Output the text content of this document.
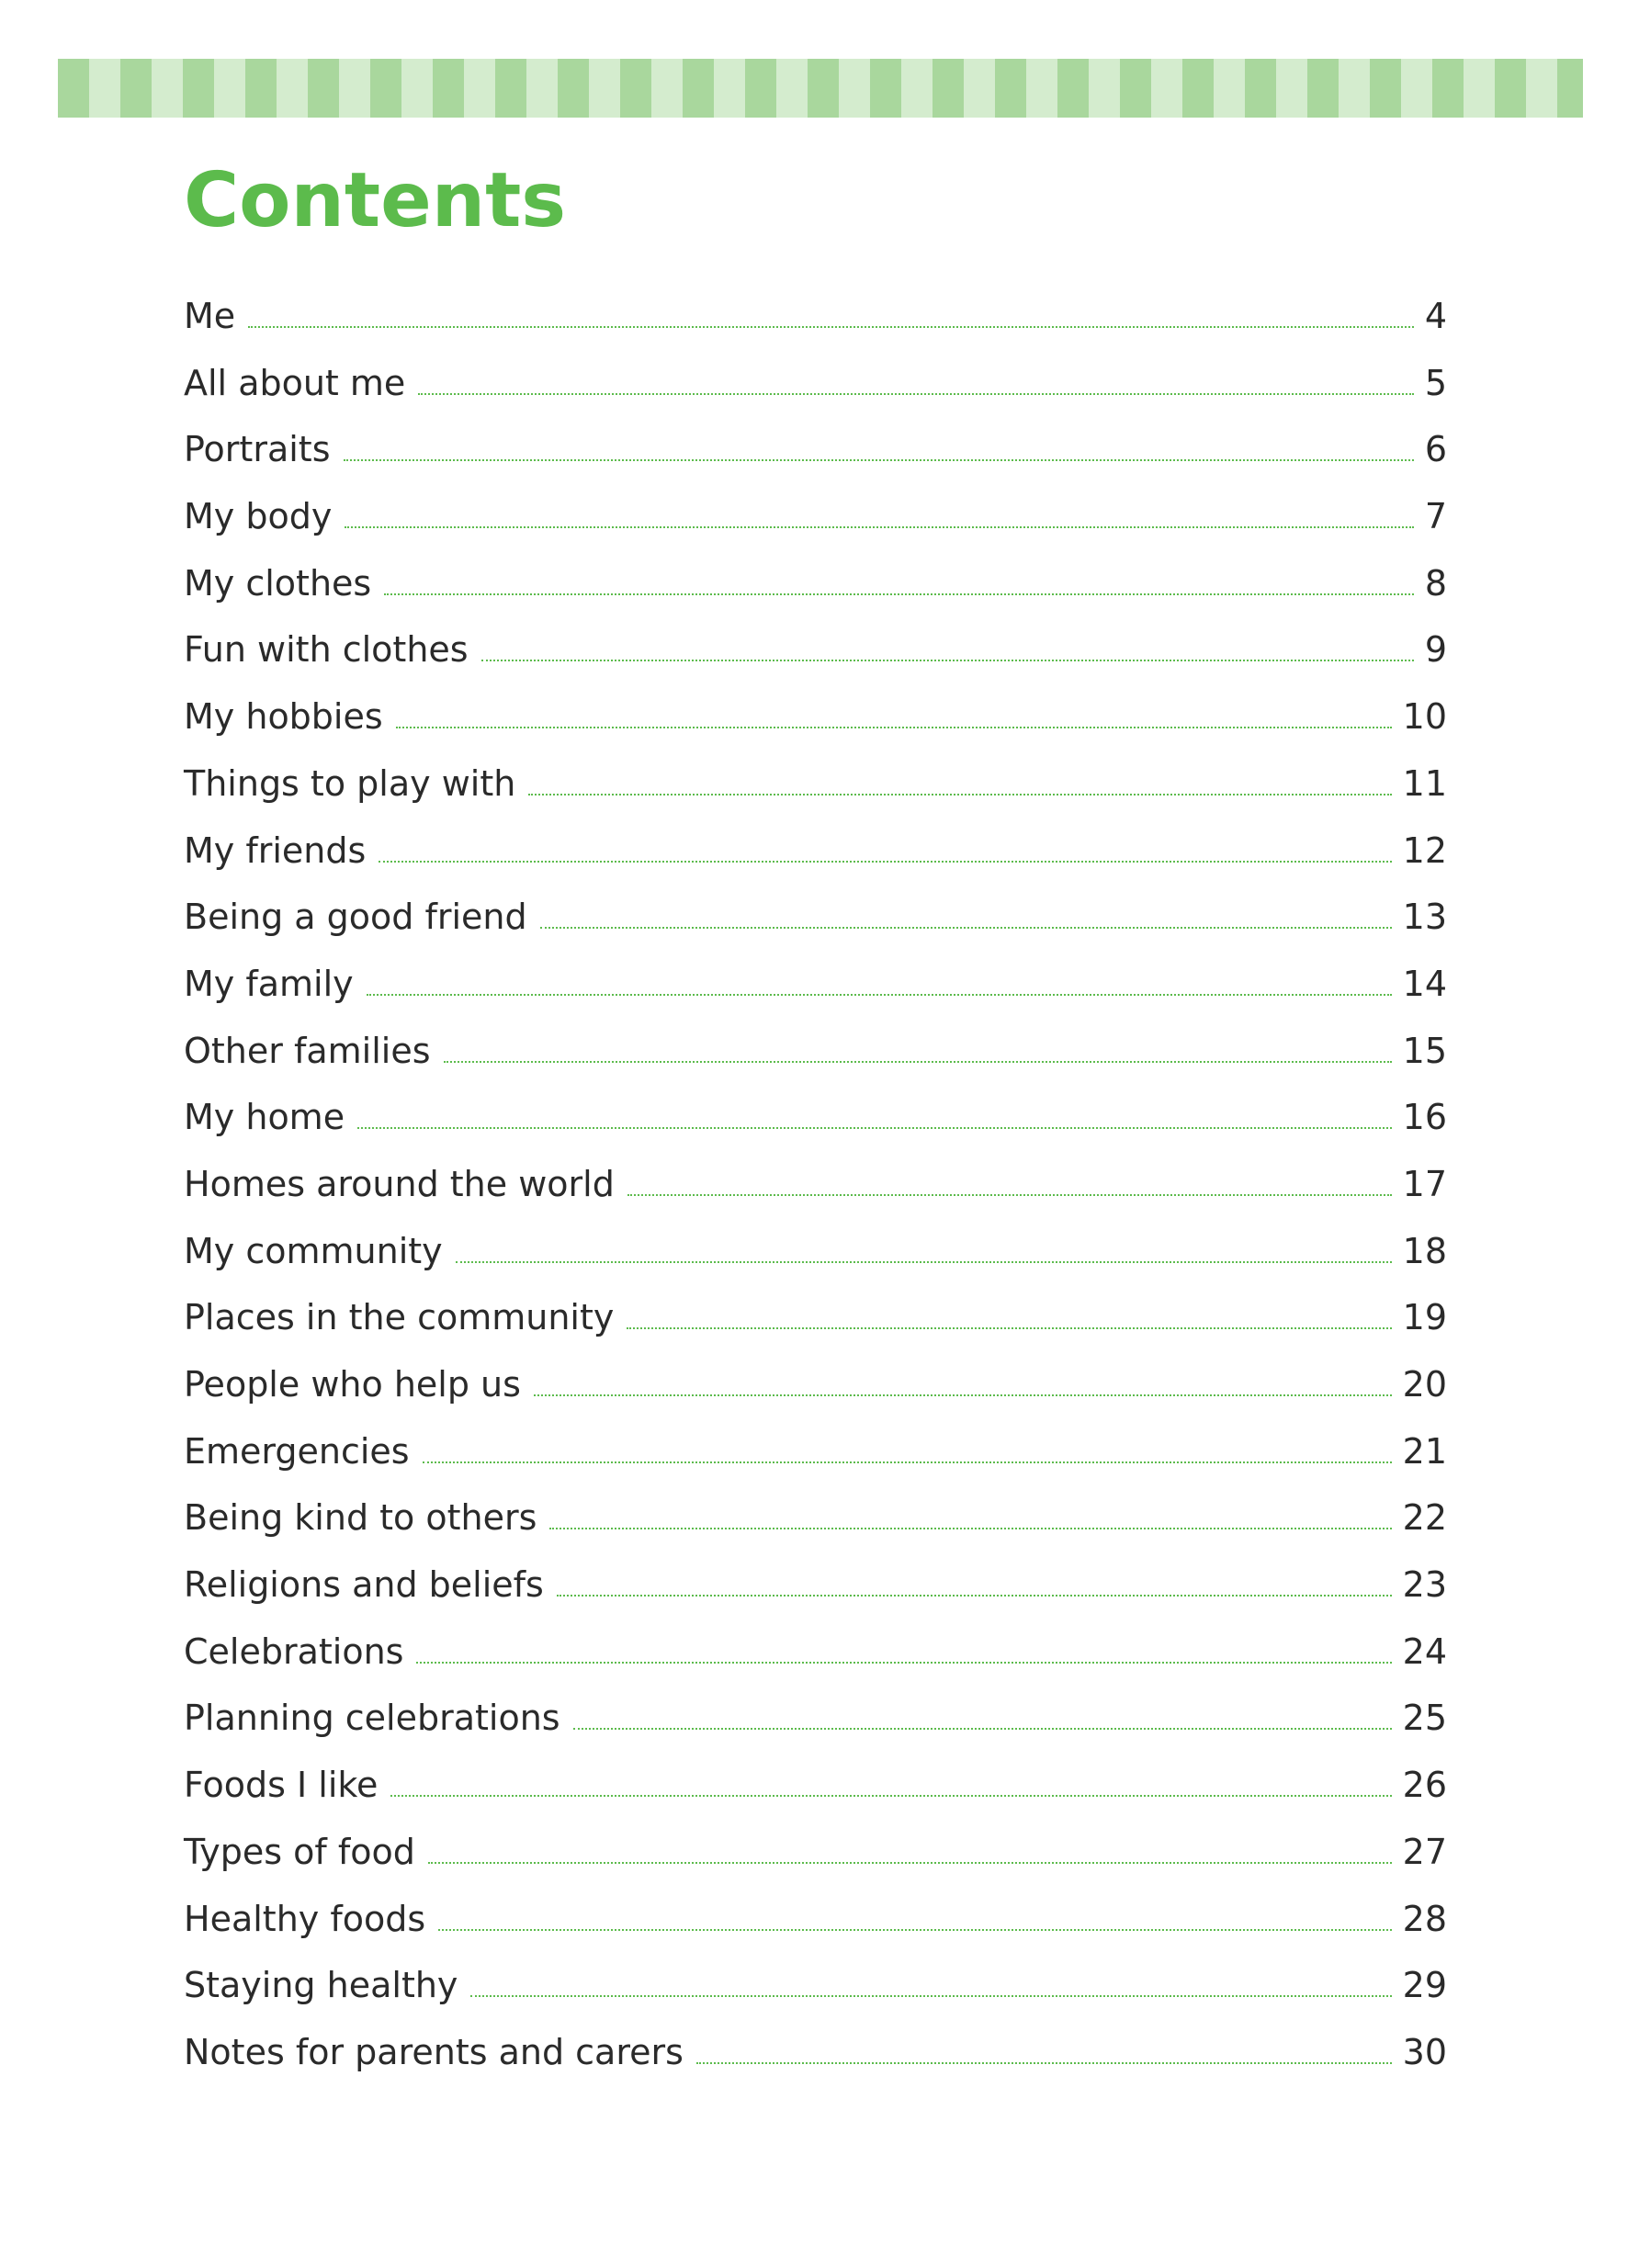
Contents
Me	4
All about me	5
Portraits	6
My body	7
My clothes	8
Fun with clothes	9
My hobbies	10
Things to play with	11
My friends	12
Being a good friend	13
My family	14
Other families	15
My home	16
Homes around the world	17
My community	18
Places in the community	19
People who help us	20
Emergencies	21
Being kind to others	22
Religions and beliefs	23
Celebrations	24
Planning celebrations	25
Foods I like	26
Types of food	27
Healthy foods	28
Staying healthy	29
Notes for parents and carers	30
